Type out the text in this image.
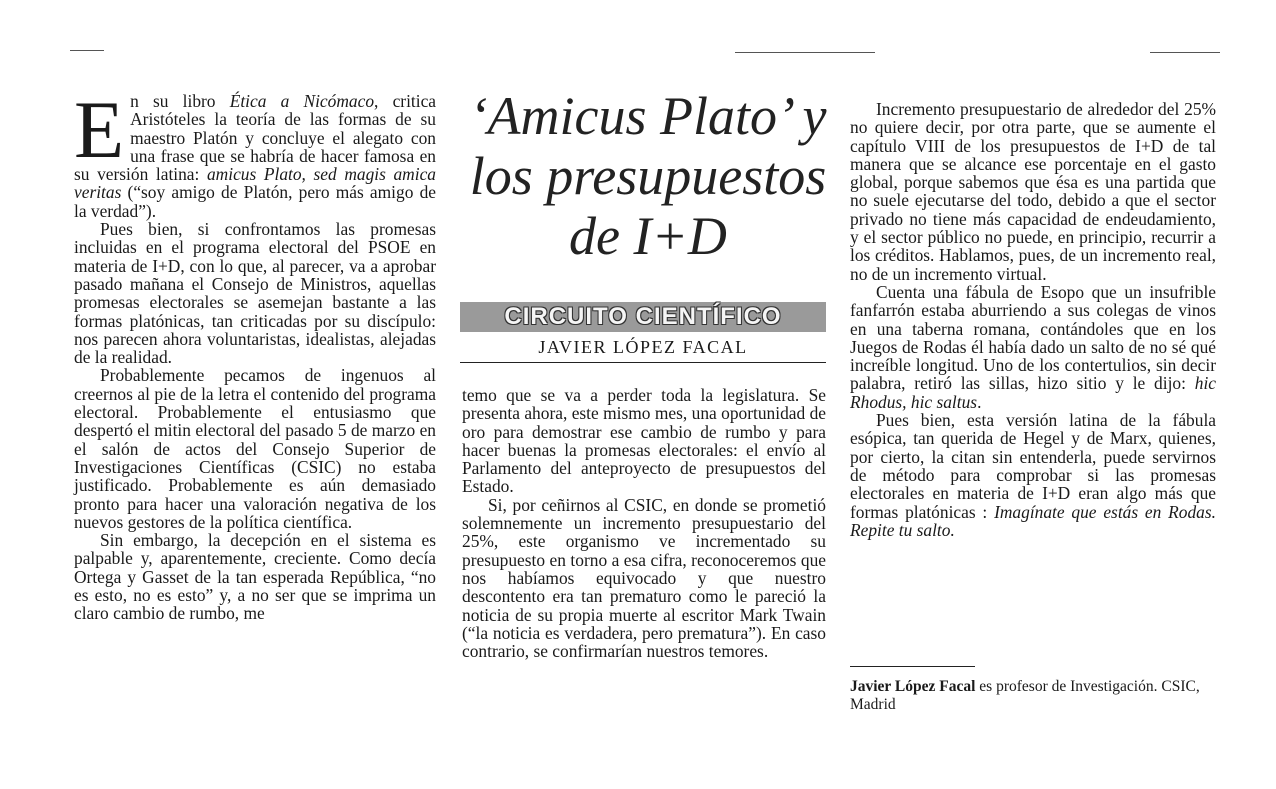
En su libro Ética a Nicómaco, critica Aristóteles la teoría de las formas de su maestro Platón y concluye el alegato con una frase que se habría de hacer famosa en su versión latina: amicus Plato, sed magis amica veritas (“soy amigo de Platón, pero más amigo de la verdad”).

Pues bien, si confrontamos las promesas incluidas en el programa electoral del PSOE en materia de I+D, con lo que, al parecer, va a aprobar pasado mañana el Consejo de Ministros, aquellas promesas electorales se asemejan bastante a las formas platónicas, tan criticadas por su discípulo: nos parecen ahora voluntaristas, idealistas, alejadas de la realidad.

Probablemente pecamos de ingenuos al creernos al pie de la letra el contenido del programa electoral. Probablemente el entusiasmo que despertó el mitin electoral del pasado 5 de marzo en el salón de actos del Consejo Superior de Investigaciones Científicas (CSIC) no estaba justificado. Probablemente es aún demasiado pronto para hacer una valoración negativa de los nuevos gestores de la política científica.

Sin embargo, la decepción en el sistema es palpable y, aparentemente, creciente. Como decía Ortega y Gasset de la tan esperada República, “no es esto, no es esto” y, a no ser que se imprima un claro cambio de rumbo, me

‘Amicus Plato’ y
los presupuestos
de I+D
CIRCUITO CIENTÍFICO
JAVIER LÓPEZ FACAL

temo que se va a perder toda la legislatura. Se presenta ahora, este mismo mes, una oportunidad de oro para demostrar ese cambio de rumbo y para hacer buenas la promesas electorales: el envío al Parlamento del anteproyecto de presupuestos del Estado.

Si, por ceñirnos al CSIC, en donde se prometió solemnemente un incremento presupuestario del 25%, este organismo ve incrementado su presupuesto en torno a esa cifra, reconoceremos que nos habíamos equivocado y que nuestro descontento era tan prematuro como le pareció la noticia de su propia muerte al escritor Mark Twain (“la noticia es verdadera, pero prematura”). En caso contrario, se confirmarían nuestros temores.

Incremento presupuestario de alrededor del 25% no quiere decir, por otra parte, que se aumente el capítulo VIII de los presupuestos de I+D de tal manera que se alcance ese porcentaje en el gasto global, porque sabemos que ésa es una partida que no suele ejecutarse del todo, debido a que el sector privado no tiene más capacidad de endeudamiento, y el sector público no puede, en principio, recurrir a los créditos. Hablamos, pues, de un incremento real, no de un incremento virtual.

Cuenta una fábula de Esopo que un insufrible fanfarrón estaba aburriendo a sus colegas de vinos en una taberna romana, contándoles que en los Juegos de Rodas él había dado un salto de no sé qué increíble longitud. Uno de los contertulios, sin decir palabra, retiró las sillas, hizo sitio y le dijo: hic Rhodus, hic saltus.

Pues bien, esta versión latina de la fábula esópica, tan querida de Hegel y de Marx, quienes, por cierto, la citan sin entenderla, puede servirnos de método para comprobar si las promesas electorales en materia de I+D eran algo más que formas platónicas : Imagínate que estás en Rodas. Repite tu salto.

Javier López Facal es profesor de Investigación. CSIC, Madrid
